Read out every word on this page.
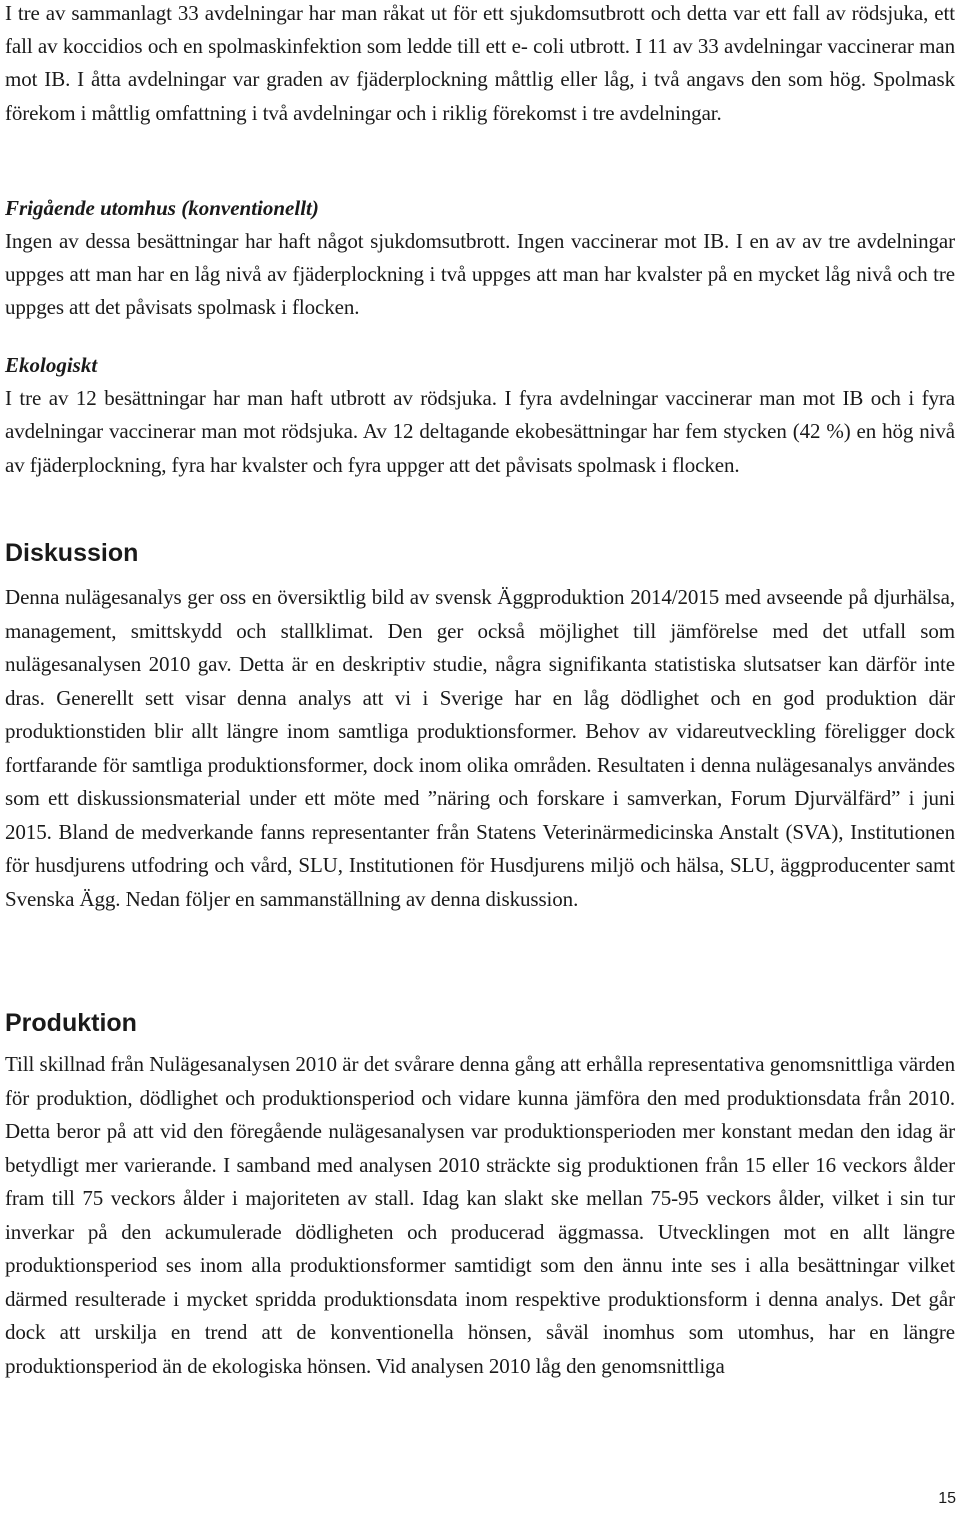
I tre av sammanlagt 33 avdelningar har man råkat ut för ett sjukdomsutbrott och detta var ett fall av rödsjuka, ett fall av koccidios och en spolmaskinfektion som ledde till ett e- coli utbrott. I 11 av 33 avdelningar vaccinerar man mot IB. I åtta avdelningar var graden av fjäderplockning måttlig eller låg, i två angavs den som hög. Spolmask förekom i måttlig omfattning i två avdelningar och i riklig förekomst i tre avdelningar.

Frigående utomhus (konventionellt)

Ingen av dessa besättningar har haft något sjukdomsutbrott. Ingen vaccinerar mot IB. I en av av tre avdelningar uppges att man har en låg nivå av fjäderplockning i två uppges att man har kvalster på en mycket låg nivå och tre uppges att det påvisats spolmask i flocken.

Ekologiskt

I tre av 12 besättningar har man haft utbrott av rödsjuka. I fyra avdelningar vaccinerar man mot IB och i fyra avdelningar vaccinerar man mot rödsjuka. Av 12 deltagande ekobesättningar har fem stycken (42 %) en hög nivå av fjäderplockning, fyra har kvalster och fyra uppger att det påvisats spolmask i flocken.

Diskussion

Denna nulägesanalys ger oss en översiktlig bild av svensk Äggproduktion 2014/2015 med avseende på djurhälsa, management, smittskydd och stallklimat. Den ger också möjlighet till jämförelse med det utfall som nulägesanalysen 2010 gav. Detta är en deskriptiv studie, några signifikanta statistiska slutsatser kan därför inte dras. Generellt sett visar denna analys att vi i Sverige har en låg dödlighet och en god produktion där produktionstiden blir allt längre inom samtliga produktionsformer. Behov av vidareutveckling föreligger dock fortfarande för samtliga produktionsformer, dock inom olika områden. Resultaten i denna nulägesanalys användes som ett diskussionsmaterial under ett möte med ”näring och forskare i samverkan, Forum Djurvälfärd” i juni 2015. Bland de medverkande fanns representanter från Statens Veterinärmedicinska Anstalt (SVA), Institutionen för husdjurens utfodring och vård, SLU, Institutionen för Husdjurens miljö och hälsa, SLU, äggproducenter samt Svenska Ägg. Nedan följer en sammanställning av denna diskussion.

Produktion

Till skillnad från Nulägesanalysen 2010 är det svårare denna gång att erhålla representativa genomsnittliga värden för produktion, dödlighet och produktionsperiod och vidare kunna jämföra den med produktionsdata från 2010. Detta beror på att vid den föregående nulägesanalysen var produktionsperioden mer konstant medan den idag är betydligt mer varierande. I samband med analysen 2010 sträckte sig produktionen från 15 eller 16 veckors ålder fram till 75 veckors ålder i majoriteten av stall. Idag kan slakt ske mellan 75-95 veckors ålder, vilket i sin tur inverkar på den ackumulerade dödligheten och producerad äggmassa. Utvecklingen mot en allt längre produktionsperiod ses inom alla produktionsformer samtidigt som den ännu inte ses i alla besättningar vilket därmed resulterade i mycket spridda produktionsdata inom respektive produktionsform i denna analys. Det går dock att urskilja en trend att de konventionella hönsen, såväl inomhus som utomhus, har en längre produktionsperiod än de ekologiska hönsen. Vid analysen 2010 låg den genomsnittliga

15
